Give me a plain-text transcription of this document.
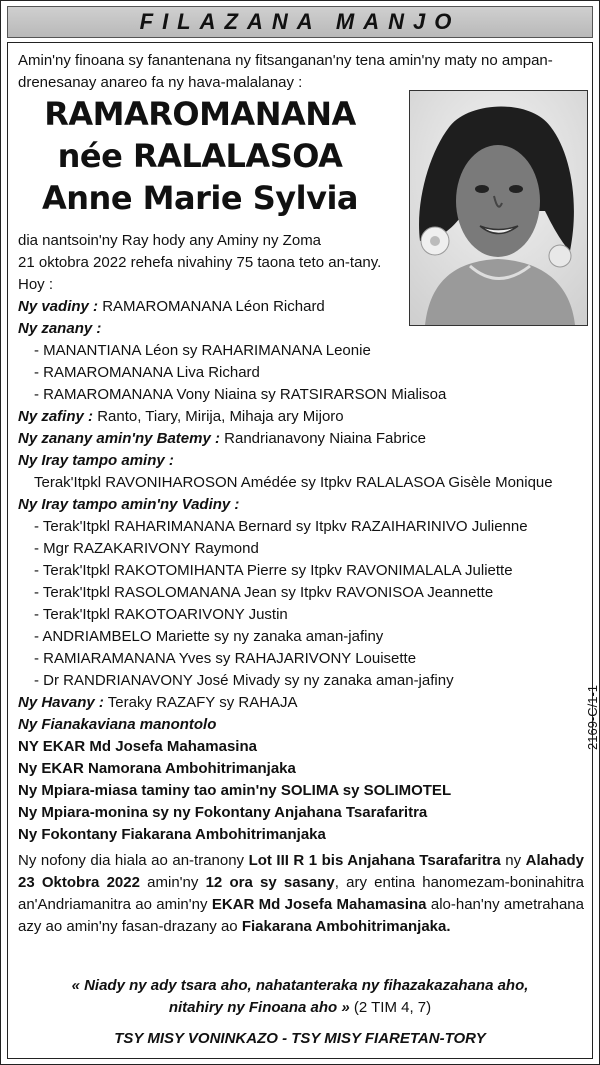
FILAZANA MANJO
Amin'ny finoana sy fanantenana ny fitsanganan'ny tena amin'ny maty no ampan-
drenesanay anareo fa ny hava-malalanay :
RAMAROMANANA
née RALALASOA
Anne Marie Sylvia
dia nantsoin'ny Ray hody any Aminy ny Zoma
21 oktobra 2022 rehefa nivahiny 75 taona teto an-tany.
Hoy :
Ny vadiny : RAMAROMANANA Léon Richard
Ny zanany :
- MANANTIANA Léon sy RAHARIMANANA Leonie
- RAMAROMANANA Liva Richard
- RAMAROMANANA Vony Niaina sy RATSIRARSON Mialisoa
Ny zafiny : Ranto, Tiary, Mirija, Mihaja ary Mijoro
Ny zanany amin'ny Batemy : Randrianavony Niaina Fabrice
Ny Iray tampo aminy :
Terak'Itpkl RAVONIHAROSON Amédée sy Itpkv RALALASOA Gisèle Monique
Ny Iray tampo amin'ny Vadiny :
- Terak'Itpkl RAHARIMANANA Bernard sy Itpkv RAZAIHARINIVO Julienne
- Mgr RAZAKARIVONY Raymond
- Terak'Itpkl RAKOTOMIHANTA Pierre sy Itpkv RAVONIMALALA Juliette
- Terak'Itpkl RASOLOMANANA Jean sy Itpkv RAVONISOA Jeannette
- Terak'Itpkl RAKOTOARIVONY Justin
- ANDRIAMBELO Mariette sy ny zanaka aman-jafiny
- RAMIARAMANANA Yves sy RAHAJARIVONY Louisette
- Dr RANDRIANAVONY José Mivady sy ny zanaka aman-jafiny
Ny Havany : Teraky RAZAFY sy RAHAJA
Ny Fianakaviana manontolo
NY EKAR Md Josefa Mahamasina
Ny EKAR Namorana Ambohitrimanjaka
Ny Mpiara-miasa taminy tao amin'ny SOLIMA sy SOLIMOTEL
Ny Mpiara-monina sy ny Fokontany Anjahana Tsarafaritra
Ny Fokontany Fiakarana Ambohitrimanjaka
2169-C/1-1
Ny nofony dia hiala ao an-tranony Lot III R 1 bis Anjahana Tsarafaritra ny Alahady 23 Oktobra 2022 amin'ny 12 ora sy sasany, ary entina hanomezam-boninahitra an'Andriamanitra ao amin'ny EKAR Md Josefa Mahamasina alo-han'ny ametrahana azy ao amin'ny fasan-drazany ao Fiakarana Ambohitrimanjaka.
« Niady ny ady tsara aho, nahatanteraka ny fihazakazahana aho,
nitahiry ny Finoana aho » (2 TIM 4, 7)
TSY MISY VONINKAZO - TSY MISY FIARETAN-TORY
